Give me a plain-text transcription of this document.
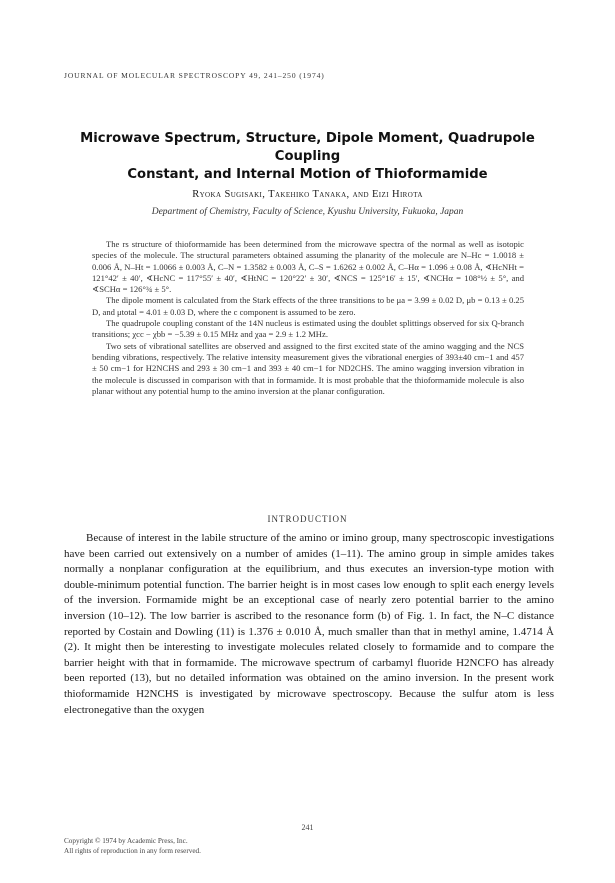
JOURNAL OF MOLECULAR SPECTROSCOPY 49, 241–250 (1974)
Microwave Spectrum, Structure, Dipole Moment, Quadrupole Coupling
Constant, and Internal Motion of Thioformamide
Ryoka Sugisaki, Takehiko Tanaka, and Eizi Hirota
Department of Chemistry, Faculty of Science, Kyushu University, Fukuoka, Japan

The rs structure of thioformamide has been determined from the microwave spectra of the normal as well as isotopic species of the molecule. The structural parameters obtained assuming the planarity of the molecule are N–Hc = 1.0018 ± 0.006 Å, N–Ht = 1.0066 ± 0.003 Å, C–N = 1.3582 ± 0.003 Å, C–S = 1.6262 ± 0.002 Å, C–Hα = 1.096 ± 0.08 Å, ∢HcNHt = 121°42′ ± 40′, ∢HcNC = 117°55′ ± 40′, ∢HtNC = 120°22′ ± 30′, ∢NCS = 125°16′ ± 15′, ∢NCHα = 108°½ ± 5°, and ∢SCHα = 126°¾ ± 5°.

The dipole moment is calculated from the Stark effects of the three transitions to be μa = 3.99 ± 0.02 D, μb = 0.13 ± 0.25 D, and μtotal = 4.01 ± 0.03 D, where the c component is assumed to be zero.

The quadrupole coupling constant of the 14N nucleus is estimated using the doublet splittings observed for six Q-branch transitions; χcc − χbb = −5.39 ± 0.15 MHz and χaa = 2.9 ± 1.2 MHz.

Two sets of vibrational satellites are observed and assigned to the first excited state of the amino wagging and the NCS bending vibrations, respectively. The relative intensity measurement gives the vibrational energies of 393±40 cm−1 and 457 ± 50 cm−1 for H2NCHS and 293 ± 30 cm−1 and 393 ± 40 cm−1 for ND2CHS. The amino wagging inversion vibration in the molecule is discussed in comparison with that in formamide. It is most probable that the thioformamide molecule is also planar without any potential hump to the amino inversion at the planar configuration.

INTRODUCTION

Because of interest in the labile structure of the amino or imino group, many spectroscopic investigations have been carried out extensively on a number of amides (1–11). The amino group in simple amides takes normally a nonplanar configuration at the equilibrium, and thus executes an inversion-type motion with double-minimum potential function. The barrier height is in most cases low enough to split each energy levels of the inversion. Formamide might be an exceptional case of nearly zero potential barrier to the amino inversion (10–12). The low barrier is ascribed to the resonance form (b) of Fig. 1. In fact, the N–C distance reported by Costain and Dowling (11) is 1.376 ± 0.010 Å, much smaller than that in methyl amine, 1.4714 Å (2). It might then be interesting to investigate molecules related closely to formamide and to compare the barrier height with that in formamide. The microwave spectrum of carbamyl fluoride H2NCFO has already been reported (13), but no detailed information was obtained on the amino inversion. In the present work thioformamide H2NCHS is investigated by microwave spectroscopy. Because the sulfur atom is less electronegative than the oxygen

241
Copyright © 1974 by Academic Press, Inc.
All rights of reproduction in any form reserved.
